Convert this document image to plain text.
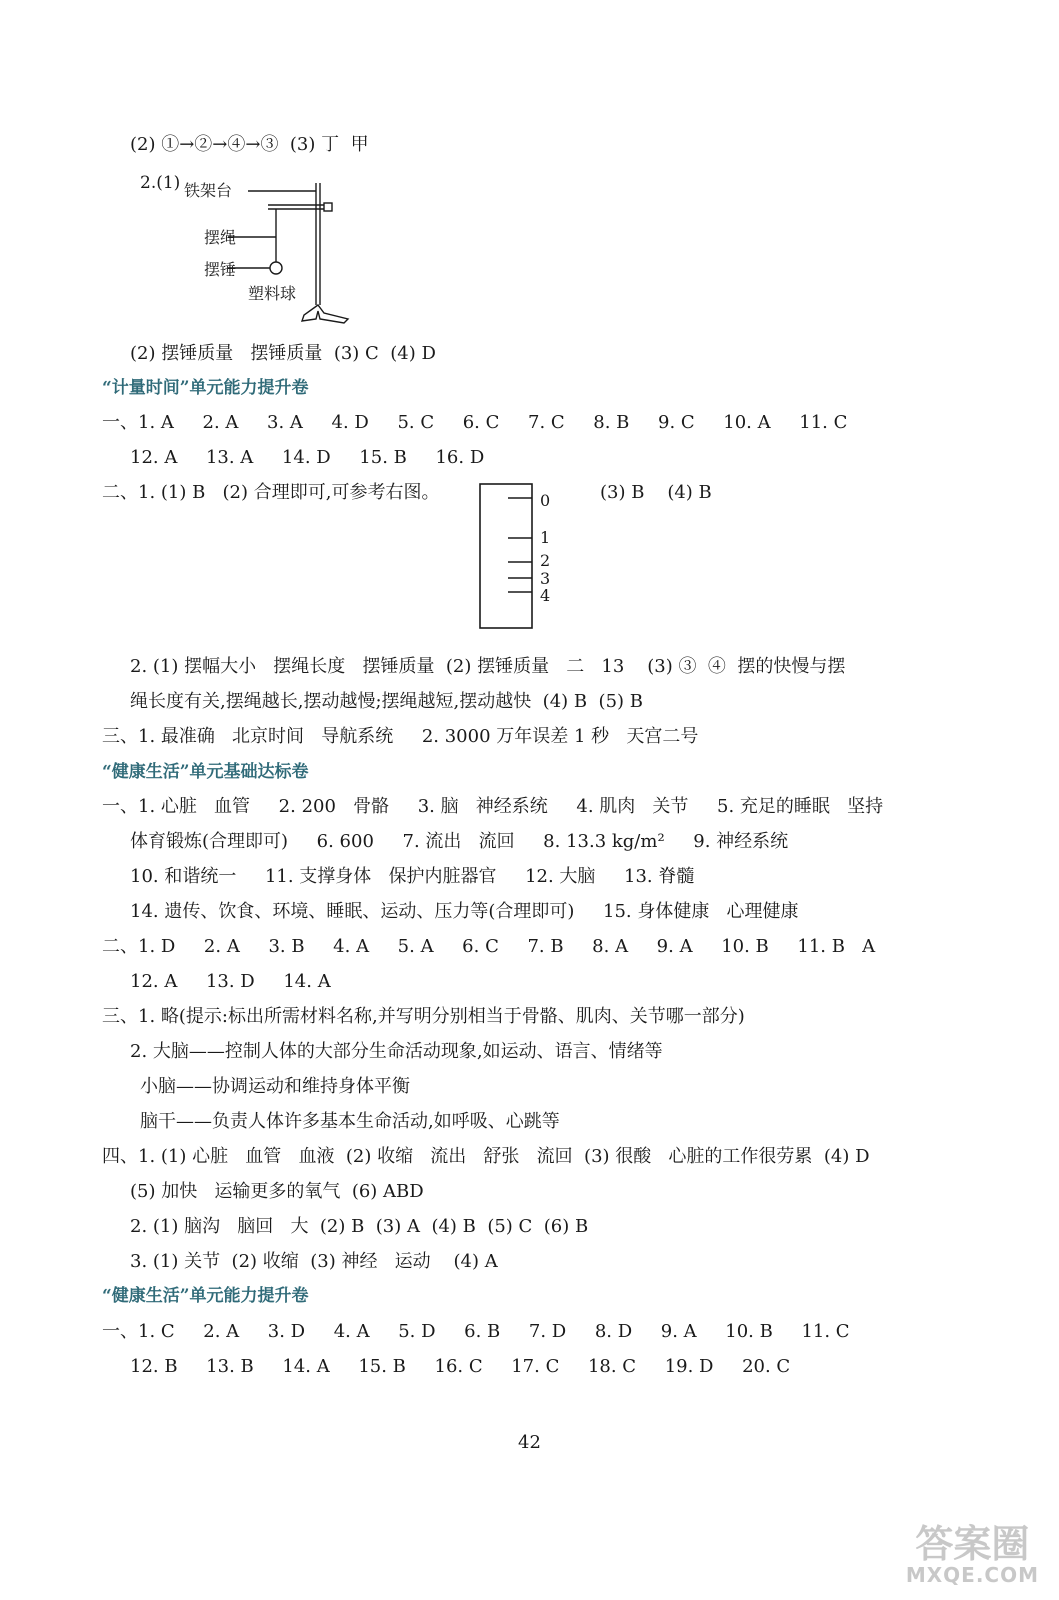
(2) ①→②→④→③  (3) 丁  甲
2.(1) 铁架台
摆绳
摆锤
塑料球
(2) 摆锤质量   摆锤质量  (3) C  (4) D
“计量时间”单元能力提升卷
一、1. A     2. A     3. A     4. D     5. C     6. C     7. C     8. B     9. C     10. A     11. C
12. A     13. A     14. D     15. B     16. D
二、1. (1) B   (2) 合理即可,可参考右图。	(3) B    (4) B
0
1
2
3
4
2. (1) 摆幅大小   摆绳长度   摆锤质量  (2) 摆锤质量   二   13    (3) ③  ④  摆的快慢与摆
绳长度有关,摆绳越长,摆动越慢;摆绳越短,摆动越快  (4) B  (5) B
三、1. 最准确   北京时间   导航系统     2. 3000 万年误差 1 秒   天宫二号
“健康生活”单元基础达标卷
一、1. 心脏   血管     2. 200   骨骼     3. 脑   神经系统     4. 肌肉   关节     5. 充足的睡眠   坚持
体育锻炼(合理即可)     6. 600     7. 流出   流回     8. 13.3 kg/m²     9. 神经系统
10. 和谐统一     11. 支撑身体   保护内脏器官     12. 大脑     13. 脊髓
14. 遗传、饮食、环境、睡眠、运动、压力等(合理即可)     15. 身体健康   心理健康
二、1. D     2. A     3. B     4. A     5. A     6. C     7. B     8. A     9. A     10. B     11. B   A
12. A     13. D     14. A
三、1. 略(提示:标出所需材料名称,并写明分别相当于骨骼、肌肉、关节哪一部分)
2. 大脑——控制人体的大部分生命活动现象,如运动、语言、情绪等
小脑——协调运动和维持身体平衡
脑干——负责人体许多基本生命活动,如呼吸、心跳等
四、1. (1) 心脏   血管   血液  (2) 收缩   流出   舒张   流回  (3) 很酸   心脏的工作很劳累  (4) D
(5) 加快   运输更多的氧气  (6) ABD
2. (1) 脑沟   脑回   大  (2) B  (3) A  (4) B  (5) C  (6) B
3. (1) 关节  (2) 收缩  (3) 神经   运动    (4) A
“健康生活”单元能力提升卷
一、1. C     2. A     3. D     4. A     5. D     6. B     7. D     8. D     9. A     10. B     11. C
12. B     13. B     14. A     15. B     16. C     17. C     18. C     19. D     20. C
42
答案圈
MXQE.COM
